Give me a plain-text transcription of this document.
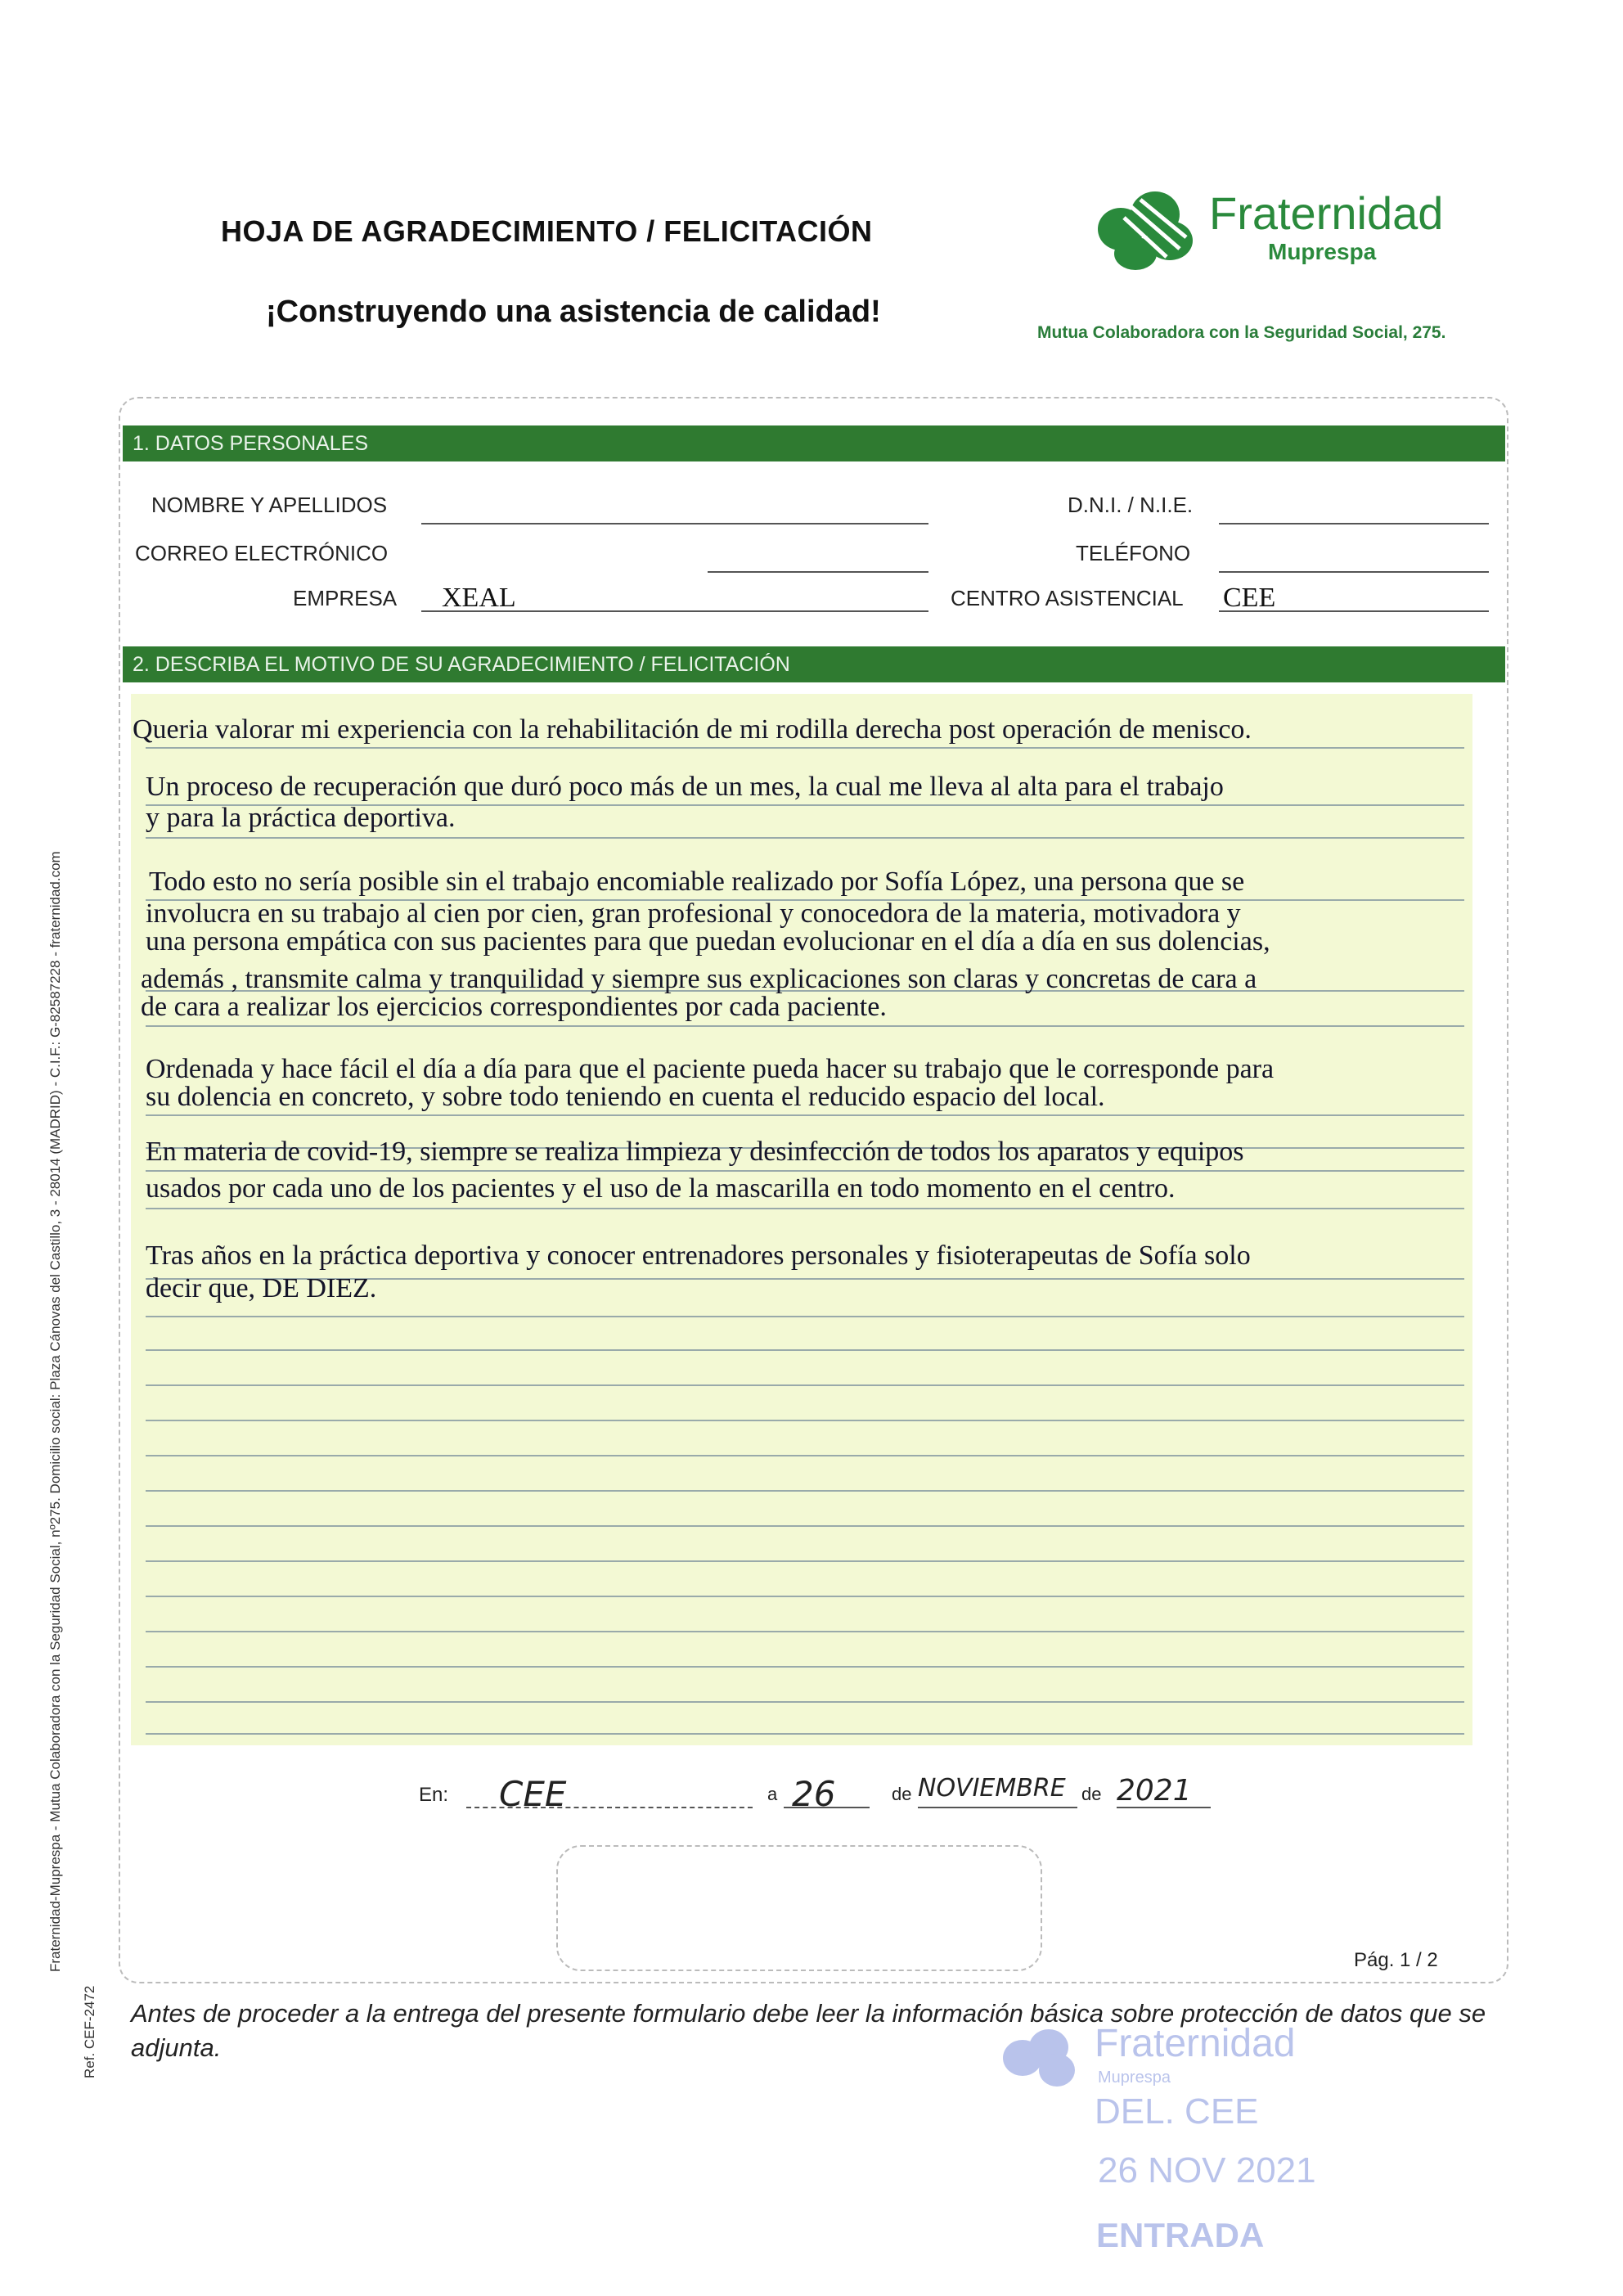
HOJA DE AGRADECIMIENTO / FELICITACIÓN
¡Construyendo una asistencia de calidad!
Fraternidad
Muprespa
Mutua Colaboradora con la Seguridad Social, 275.
1. DATOS PERSONALES
NOMBRE Y APELLIDOS	D.N.I. / N.I.E.
CORREO ELECTRÓNICO	TELÉFONO
EMPRESA	XEAL	CENTRO ASISTENCIAL CEE
2. DESCRIBA EL MOTIVO DE SU AGRADECIMIENTO / FELICITACIÓN
Queria valorar mi experiencia con la rehabilitación de mi rodilla derecha post operación de menisco.
Un proceso de recuperación que duró poco más de un mes, la cual me lleva al alta para el trabajo
y para la práctica deportiva.
Todo esto no sería posible sin el trabajo encomiable realizado por Sofía López, una persona que se
involucra en su trabajo al cien por cien, gran profesional y conocedora de la materia, motivadora y
una persona empática con sus pacientes para que puedan evolucionar en el día a día en sus dolencias,
además , transmite calma y tranquilidad y siempre sus explicaciones son claras y concretas de cara a
de cara a realizar los ejercicios correspondientes por cada paciente.
Ordenada y hace fácil el día a día para que el paciente pueda hacer su trabajo que le corresponde para
su dolencia en concreto, y sobre todo teniendo en cuenta el reducido espacio del local.
En materia de covid-19, siempre se realiza limpieza y desinfección de todos los aparatos y equipos
usados por cada uno de los pacientes y el uso de la mascarilla en todo momento en el centro.
Tras años en la práctica deportiva y conocer entrenadores personales y fisioterapeutas de Sofía solo
decir que, DE DIEZ.
En:	CEE	a 26	de NOVIEMBRE de 2021
Pág. 1 / 2
Antes de proceder a la entrega del presente formulario debe leer la información básica sobre protección de datos que se adjunta.
Fraternidad-Muprespa - Mutua Colaboradora con la Seguridad Social, nº275. Domicilio social: Plaza Cánovas del Castillo, 3 - 28014 (MADRID) - C.I.F.: G-82587228 - fraternidad.com
Ref. CEF-2472	Fraternidad
Muprespa
DEL. CEE
26 NOV 2021
ENTRADA
